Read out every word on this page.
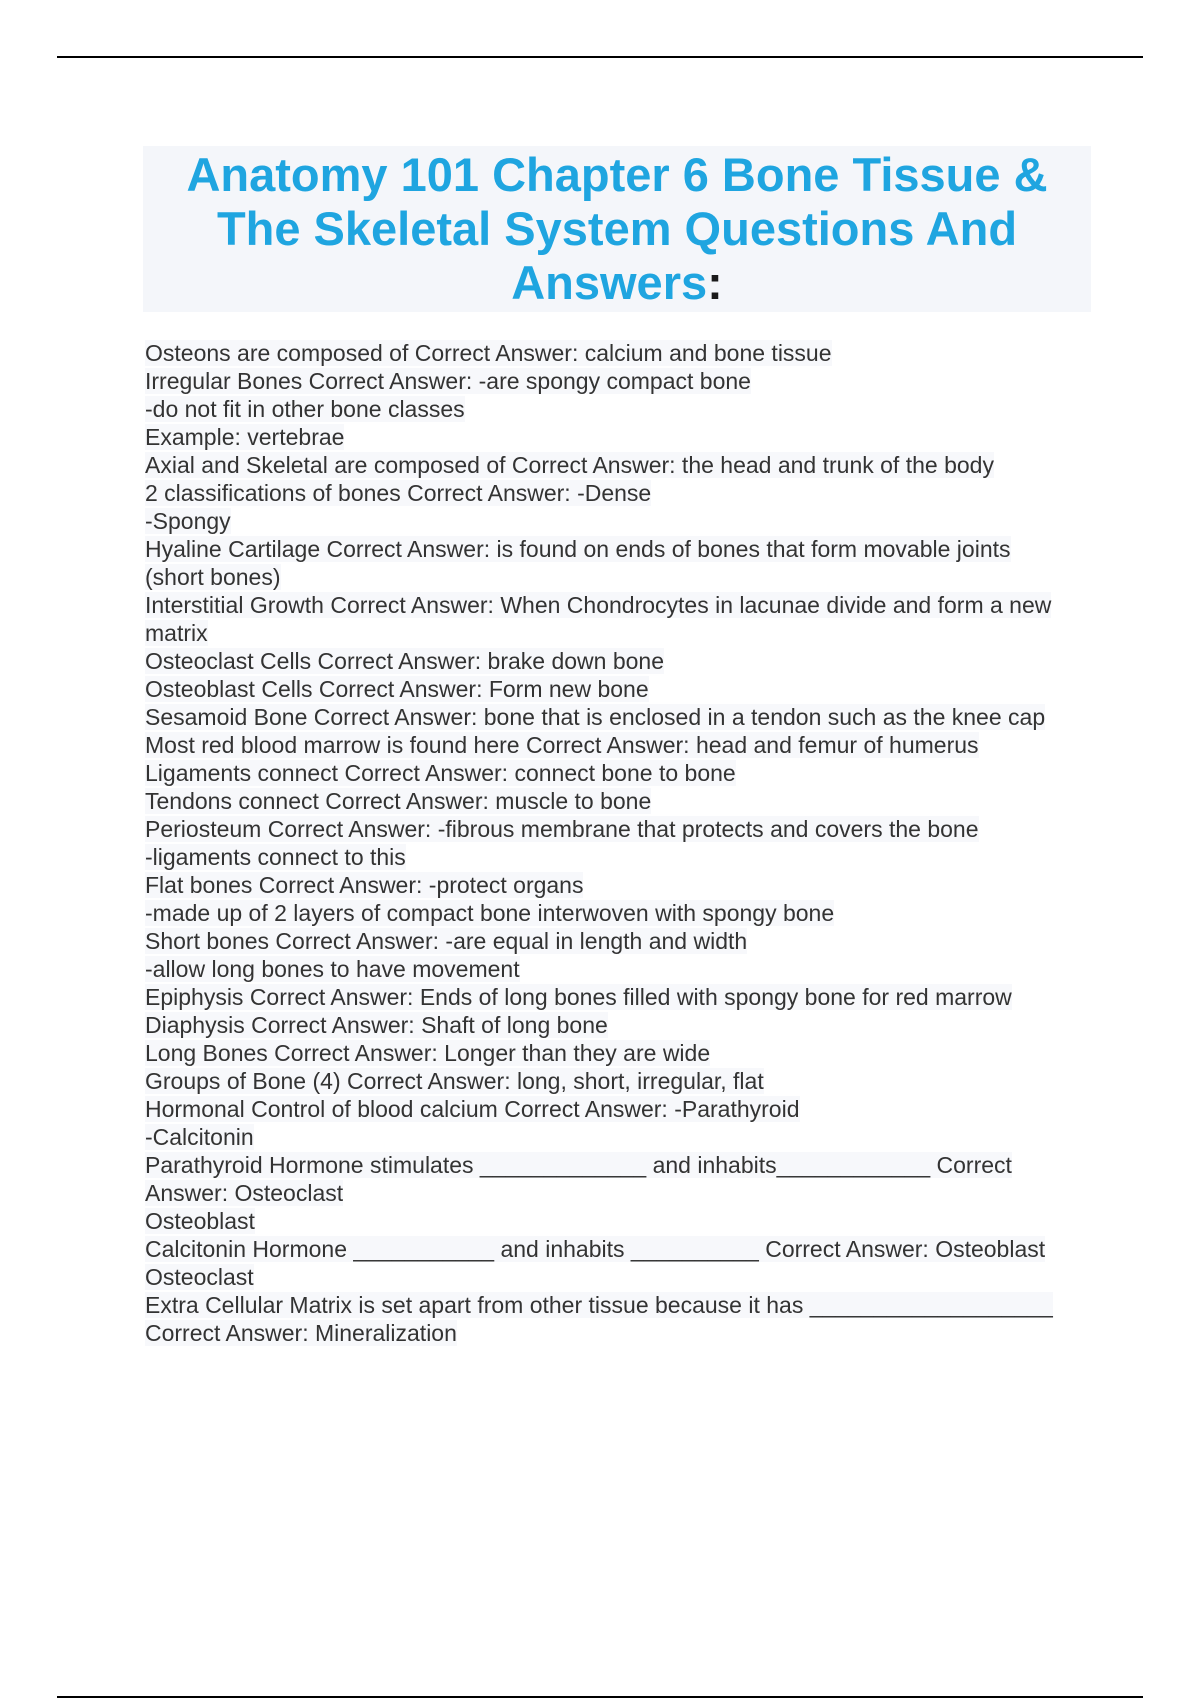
Anatomy 101 Chapter 6 Bone Tissue & The Skeletal System Questions And Answers:
Osteons are composed of Correct Answer: calcium and bone tissue
Irregular Bones Correct Answer: -are spongy compact bone
-do not fit in other bone classes
Example: vertebrae
Axial and Skeletal are composed of Correct Answer: the head and trunk of the body
2 classifications of bones Correct Answer: -Dense
-Spongy
Hyaline Cartilage Correct Answer: is found on ends of bones that form movable joints (short bones)
Interstitial Growth Correct Answer: When Chondrocytes in lacunae divide and form a new matrix
Osteoclast Cells Correct Answer: brake down bone
Osteoblast Cells Correct Answer: Form new bone
Sesamoid Bone Correct Answer: bone that is enclosed in a tendon such as the knee cap
Most red blood marrow is found here Correct Answer: head and femur of humerus
Ligaments connect Correct Answer: connect bone to bone
Tendons connect Correct Answer: muscle to bone
Periosteum Correct Answer: -fibrous membrane that protects and covers the bone
-ligaments connect to this
Flat bones Correct Answer: -protect organs
-made up of 2 layers of compact bone interwoven with spongy bone
Short bones Correct Answer: -are equal in length and width
-allow long bones to have movement
Epiphysis Correct Answer: Ends of long bones filled with spongy bone for red marrow
Diaphysis Correct Answer: Shaft of long bone
Long Bones Correct Answer: Longer than they are wide
Groups of Bone (4) Correct Answer: long, short, irregular, flat
Hormonal Control of blood calcium Correct Answer: -Parathyroid
-Calcitonin
Parathyroid Hormone stimulates _____________ and inhabits____________ Correct Answer: Osteoclast
Osteoblast
Calcitonin Hormone ___________ and inhabits __________ Correct Answer: Osteoblast
Osteoclast
Extra Cellular Matrix is set apart from other tissue because it has ___________________ Correct Answer: Mineralization
